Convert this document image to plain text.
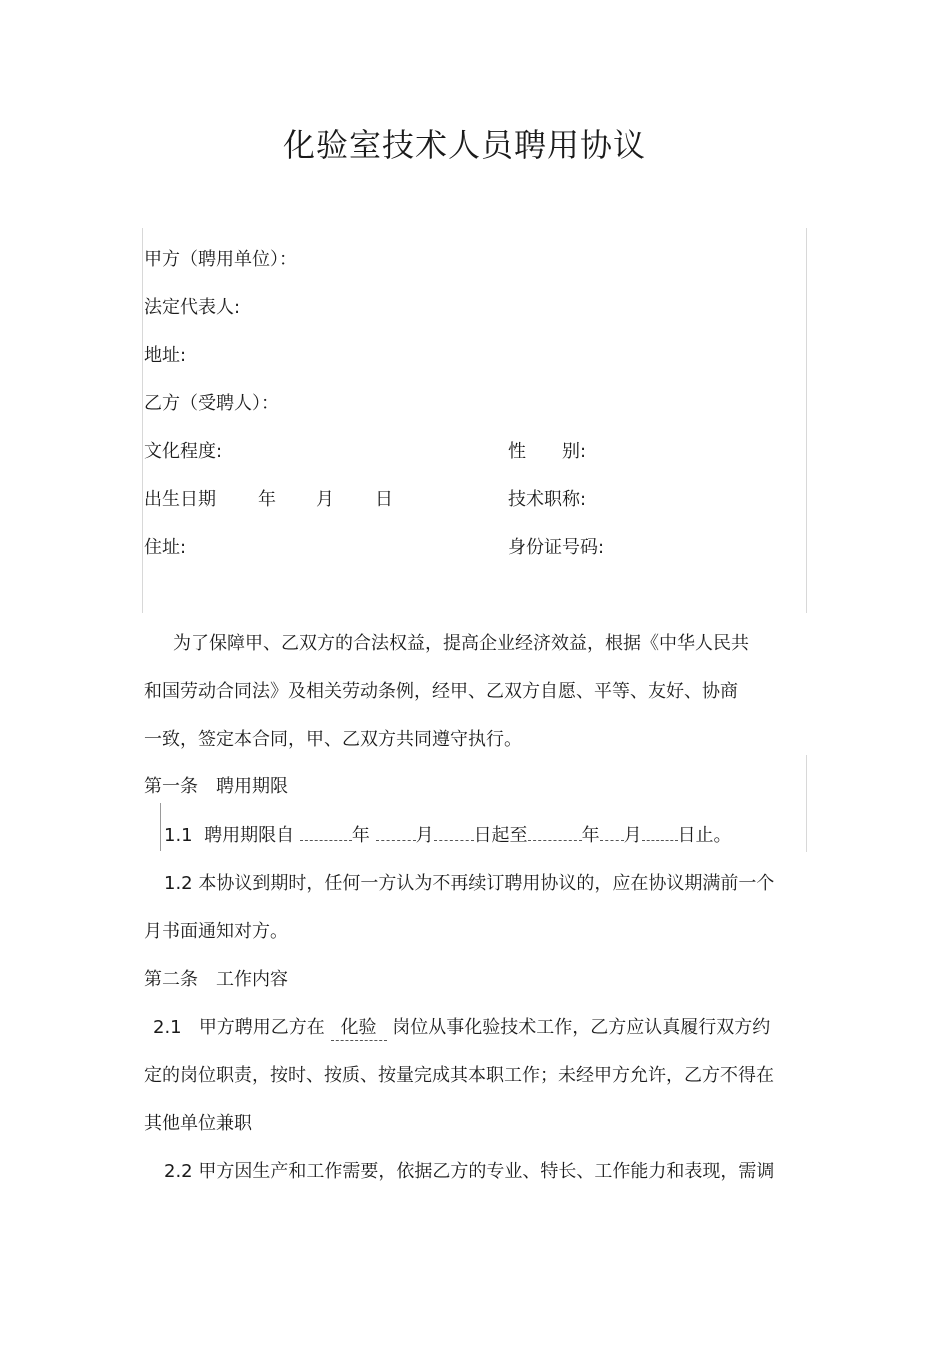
化验室技术人员聘用协议
甲方（聘用单位）：
法定代表人:
地址:
乙方（受聘人）：
文化程度:	性　　别:
出生日期 年 月 日	技术职称:
住址:	身份证号码:
为了保障甲、乙双方的合法权益，提高企业经济效益，根据《中华人民共
和国劳动合同法》及相关劳动条例，经甲、乙双方自愿、平等、友好、协商
一致，签定本合同，甲、乙双方共同遵守执行。
第一条　聘用期限
1.1 聘用期限自	年	月 日起至	年 月 日止。
1.2 本协议到期时，任何一方认为不再续订聘用协议的，应在协议期满前一个
月书面通知对方。
第二条　工作内容
2.1 甲方聘用乙方在 化验 岗位从事化验技术工作，乙方应认真履行双方约
定的岗位职责，按时、按质、按量完成其本职工作；未经甲方允许，乙方不得在
其他单位兼职
2.2 甲方因生产和工作需要，依据乙方的专业、特长、工作能力和表现，需调
